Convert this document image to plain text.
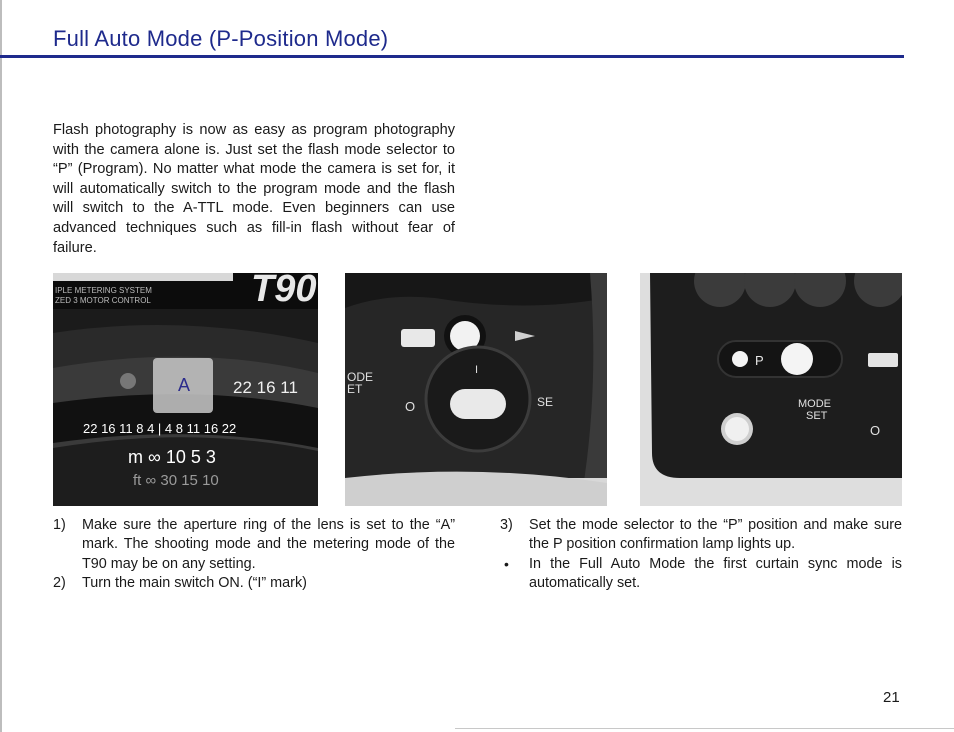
Full Auto Mode (P-Position Mode)

Flash photography is now as easy as program photography with the camera alone is. Just set the flash mode selector to “P” (Program). No matter what mode the camera is set for, it will automatically switch to the program mode and the flash will switch to the A-TTL mode. Even beginners can use advanced techniques such as fill-in flash without fear of failure.

T90
IPLE METERING SYSTEM
ZED 3 MOTOR CONTROL
A	22 16 11
22 16 11 8 4 | 4 8 11 16 22
m ∞ 10 5 3
ft ∞ 30 15 10
ODE
ET
O	SE
I
P
MODE
SET
O
1) Make sure the aperture ring of the lens is set to the “A” mark. The shooting mode and the metering mode of the T90 may be on any setting.
2) Turn the main switch ON. (“I” mark)
3) Set the mode selector to the “P” position and make sure the P position confirmation lamp lights up.
• In the Full Auto Mode the first curtain sync mode is automatically set.
21
